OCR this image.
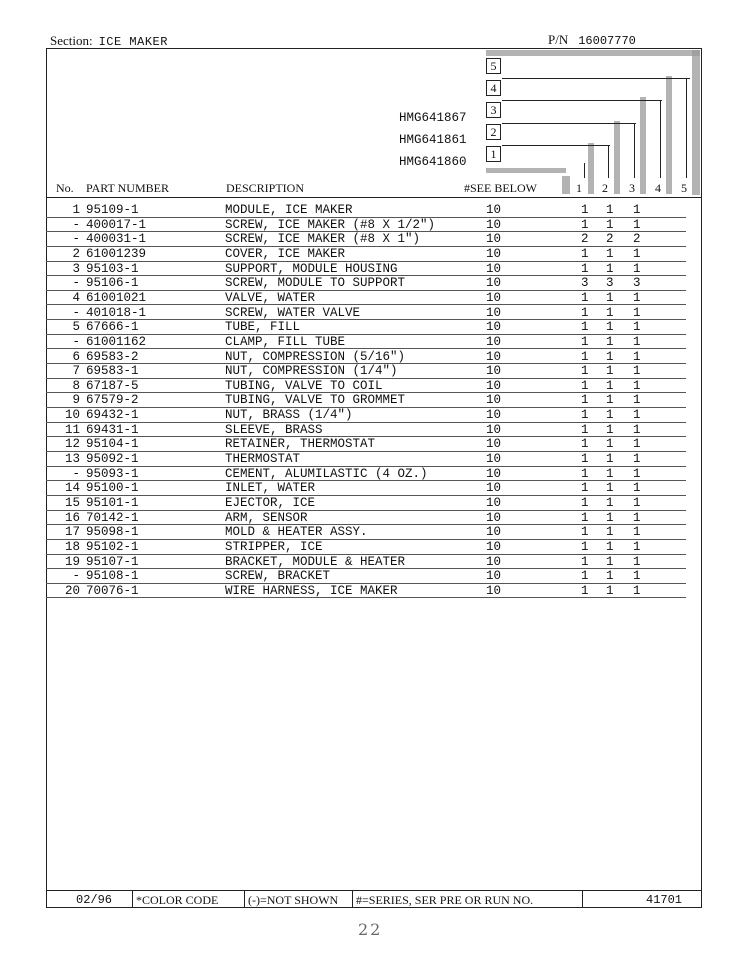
Section: ICE MAKER	P/N 16007770
5
4
3
2
1
HMG641867
HMG641861
HMG641860
No. PART NUMBER	DESCRIPTION	#SEE BELOW	1 2 3 4 5
1 95109-1	MODULE, ICE MAKER	10	1 1 1
- 400017-1	SCREW, ICE MAKER (#8 X 1/2")	10	1 1 1
- 400031-1	SCREW, ICE MAKER (#8 X 1")	10	2 2 2
2 61001239	COVER, ICE MAKER	10	1 1 1
3 95103-1	SUPPORT, MODULE HOUSING	10	1 1 1
- 95106-1	SCREW, MODULE TO SUPPORT	10	3 3 3
4 61001021	VALVE, WATER	10	1 1 1
- 401018-1	SCREW, WATER VALVE	10	1 1 1
5 67666-1	TUBE, FILL	10	1 1 1
- 61001162	CLAMP, FILL TUBE	10	1 1 1
6 69583-2	NUT, COMPRESSION (5/16")	10	1 1 1
7 69583-1	NUT, COMPRESSION (1/4")	10	1 1 1
8 67187-5	TUBING, VALVE TO COIL	10	1 1 1
9 67579-2	TUBING, VALVE TO GROMMET	10	1 1 1
10 69432-1	NUT, BRASS (1/4")	10	1 1 1
11 69431-1	SLEEVE, BRASS	10	1 1 1
12 95104-1	RETAINER, THERMOSTAT	10	1 1 1
13 95092-1	THERMOSTAT	10	1 1 1
- 95093-1	CEMENT, ALUMILASTIC (4 OZ.)	10	1 1 1
14 95100-1	INLET, WATER	10	1 1 1
15 95101-1	EJECTOR, ICE	10	1 1 1
16 70142-1	ARM, SENSOR	10	1 1 1
17 95098-1	MOLD & HEATER ASSY.	10	1 1 1
18 95102-1	STRIPPER, ICE	10	1 1 1
19 95107-1	BRACKET, MODULE & HEATER	10	1 1 1
- 95108-1	SCREW, BRACKET	10	1 1 1
20 70076-1	WIRE HARNESS, ICE MAKER	10	1 1 1
02/96 *COLOR CODE (-)=NOT SHOWN #=SERIES, SER PRE OR RUN NO.	41701
22
